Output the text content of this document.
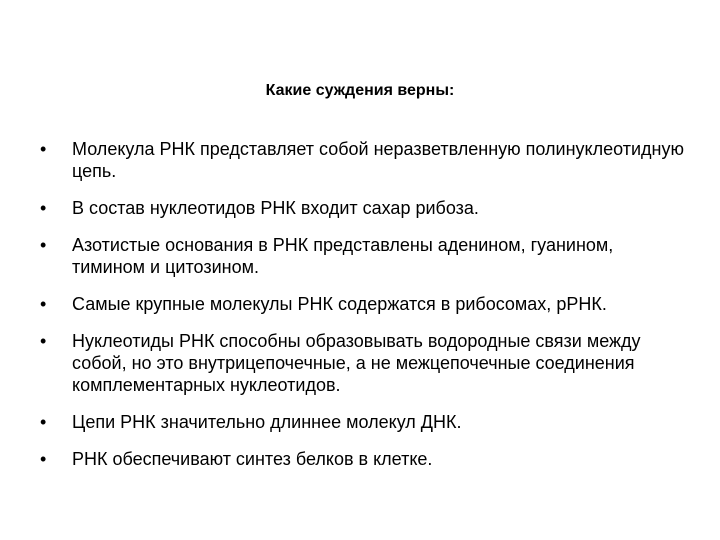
Какие суждения верны:
•	Молекула РНК представляет собой неразветвленную полинуклеотидную цепь.
•	В состав нуклеотидов РНК входит сахар рибоза.
•	Азотистые основания в РНК представлены аденином, гуанином, тимином и цитозином.
•	Самые крупные молекулы РНК содержатся в рибосомах, рРНК.
•	Нуклеотиды РНК способны образовывать водородные связи между собой, но это внутрицепочечные, а не межцепочечные соединения комплементарных нуклеотидов.
•	Цепи РНК значительно длиннее молекул ДНК.
•	РНК обеспечивают синтез белков в клетке.
